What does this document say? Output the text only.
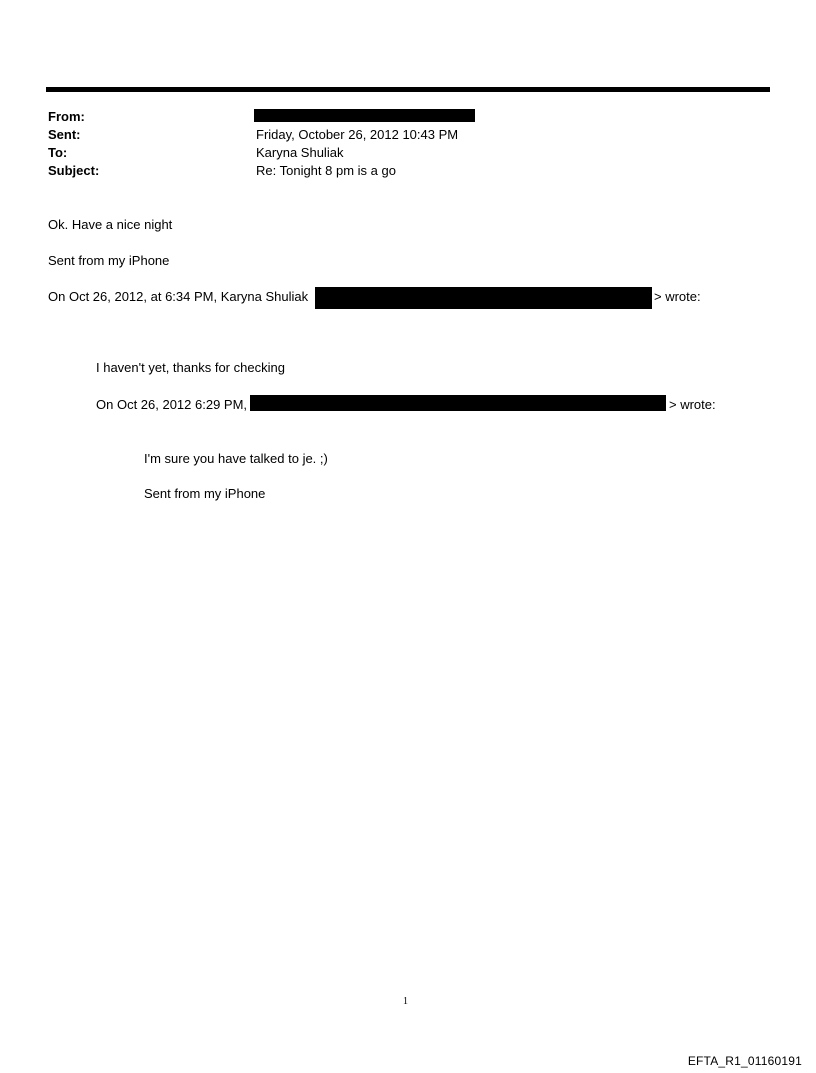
From:
Sent:	Friday, October 26, 2012 10:43 PM
To:	Karyna Shuliak
Subject:	Re: Tonight 8 pm is a go
Ok. Have a nice night
Sent from my iPhone
On Oct 26, 2012, at 6:34 PM, Karyna Shuliak	> wrote:
I haven't yet, thanks for checking
On Oct 26, 2012 6:29 PM,	> wrote:
I'm sure you have talked to je. ;)
Sent from my iPhone
1
EFTA_R1_01160191
